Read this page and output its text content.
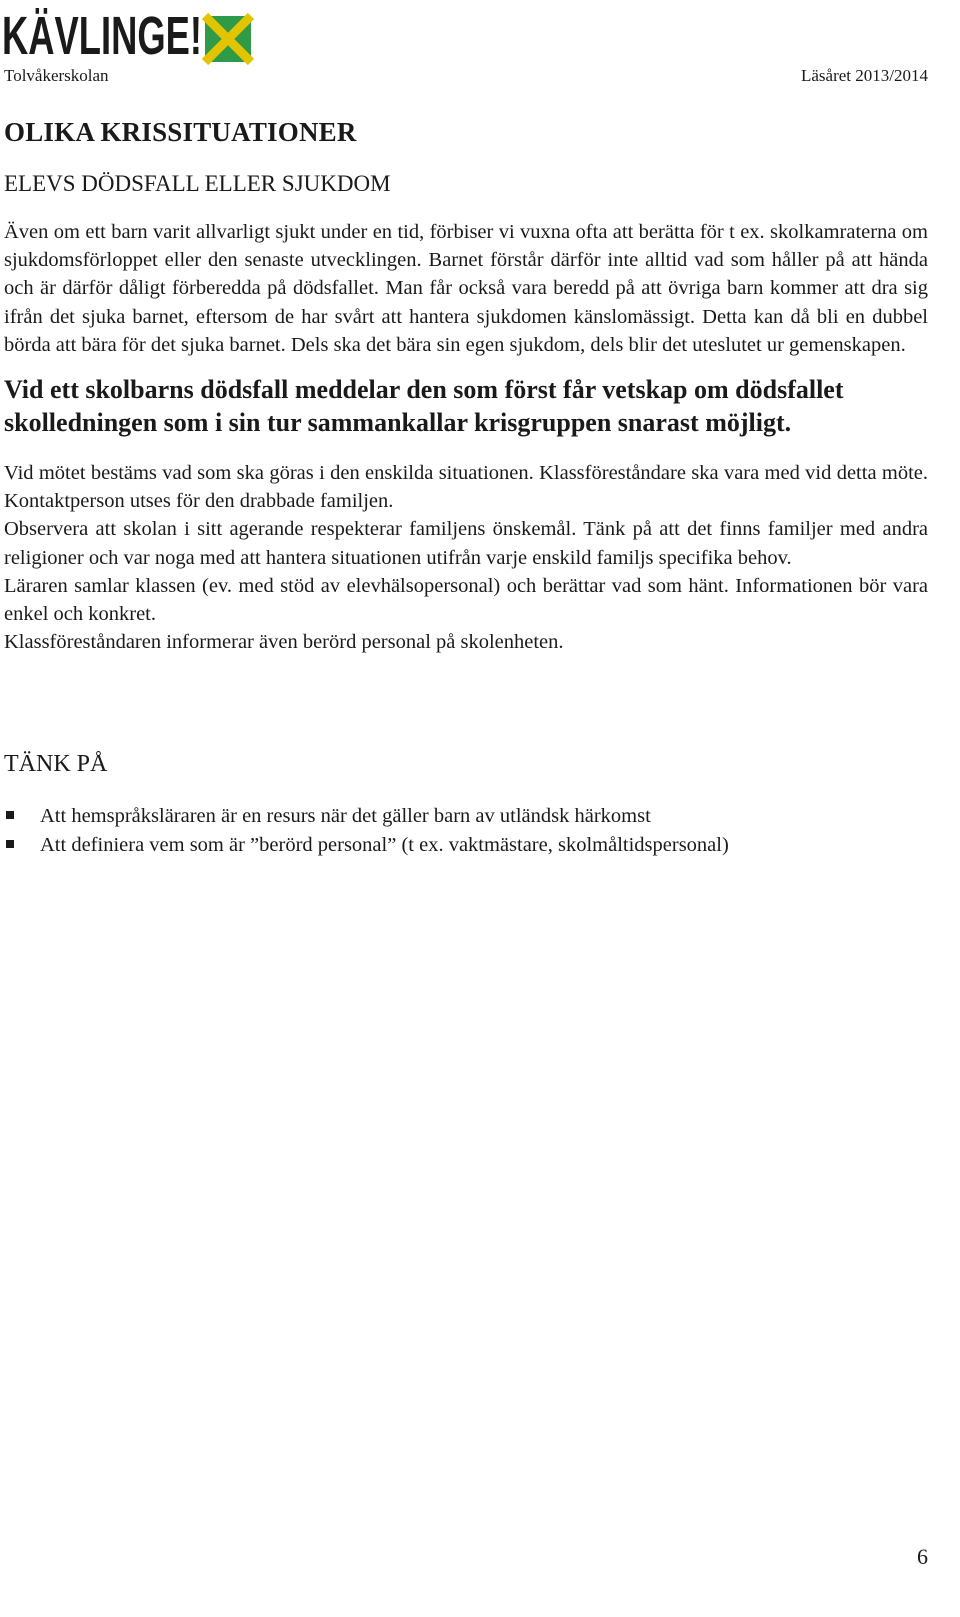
KÄVLINGE!
Tolvåkerskolan	Läsåret 2013/2014
OLIKA KRISSITUATIONER
ELEVS DÖDSFALL ELLER SJUKDOM

Även om ett barn varit allvarligt sjukt under en tid, förbiser vi vuxna ofta att berätta för t ex. skolkamraterna om sjukdomsförloppet eller den senaste utvecklingen. Barnet förstår därför inte alltid vad som håller på att hända och är därför dåligt förberedda på dödsfallet. Man får också vara beredd på att övriga barn kommer att dra sig ifrån det sjuka barnet, eftersom de har svårt att hantera sjukdomen känslomässigt. Detta kan då bli en dubbel börda att bära för det sjuka barnet. Dels ska det bära sin egen sjukdom, dels blir det uteslutet ur gemenskapen.

Vid ett skolbarns dödsfall meddelar den som först får vetskap om dödsfallet skolledningen som i sin tur sammankallar krisgruppen snarast möjligt.

Vid mötet bestäms vad som ska göras i den enskilda situationen. Klassföreståndare ska vara med vid detta möte. Kontaktperson utses för den drabbade familjen.

Observera att skolan i sitt agerande respekterar familjens önskemål. Tänk på att det finns familjer med andra religioner och var noga med att hantera situationen utifrån varje enskild familjs specifika behov.

Läraren samlar klassen (ev. med stöd av elevhälsopersonal) och berättar vad som hänt. Informationen bör vara enkel och konkret.

Klassföreståndaren informerar även berörd personal på skolenheten.

TÄNK PÅ
Att hemspråksläraren är en resurs när det gäller barn av utländsk härkomst
Att definiera vem som är ”berörd personal” (t ex. vaktmästare, skolmåltidspersonal)
6
